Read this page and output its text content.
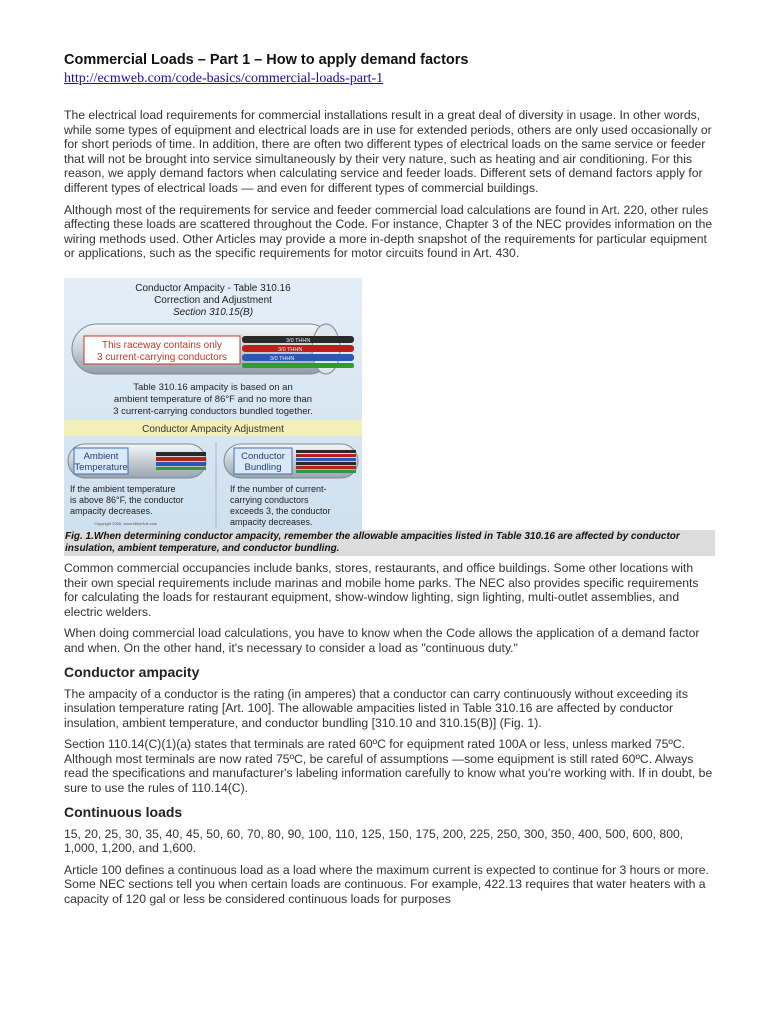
Commercial Loads – Part 1 – How to apply demand factors
http://ecmweb.com/code-basics/commercial-loads-part-1

The electrical load requirements for commercial installations result in a great deal of diversity in usage. In other words, while some types of equipment and electrical loads are in use for extended periods, others are only used occasionally or for short periods of time. In addition, there are often two different types of electrical loads on the same service or feeder that will not be brought into service simultaneously by their very nature, such as heating and air conditioning. For this reason, we apply demand factors when calculating service and feeder loads. Different sets of demand factors apply for different types of electrical loads — and even for different types of commercial buildings.

Although most of the requirements for service and feeder commercial load calculations are found in Art. 220, other rules affecting these loads are scattered throughout the Code. For instance, Chapter 3 of the NEC provides information on the wiring methods used. Other Articles may provide a more in-depth snapshot of the requirements for particular equipment or applications, such as the specific requirements for motor circuits found in Art. 430.

Conductor Ampacity - Table 310.16
Correction and Adjustment
Section 310.15(B)
3/0 THHN
3/0 THHN
3/0 THHN
This raceway contains only
3 current-carrying conductors
Table 310.16 ampacity is based on an
ambient temperature of 86°F and no more than
3 current-carrying conductors bundled together.
Conductor Ampacity Adjustment
Ambient
Temperature
Conductor
Bundling
If the ambient temperature
is above 86°F, the conductor
ampacity decreases.
If the number of current-
carrying conductors
exceeds 3, the conductor
ampacity decreases.
Copyright 2006, www.MikeHolt.com
Fig. 1.When determining conductor ampacity, remember the allowable ampacities listed in Table 310.16 are affected by conductor insulation, ambient temperature, and conductor bundling.

Common commercial occupancies include banks, stores, restaurants, and office buildings. Some other locations with their own special requirements include marinas and mobile home parks. The NEC also provides specific requirements for calculating the loads for restaurant equipment, show-window lighting, sign lighting, multi-outlet assemblies, and electric welders.

When doing commercial load calculations, you have to know when the Code allows the application of a demand factor and when. On the other hand, it's necessary to consider a load as "continuous duty."

Conductor ampacity

The ampacity of a conductor is the rating (in amperes) that a conductor can carry continuously without exceeding its insulation temperature rating [Art. 100]. The allowable ampacities listed in Table 310.16 are affected by conductor insulation, ambient temperature, and conductor bundling [310.10 and 310.15(B)] (Fig. 1).

Section 110.14(C)(1)(a) states that terminals are rated 60ºC for equipment rated 100A or less, unless marked 75ºC. Although most terminals are now rated 75ºC, be careful of assumptions —some equipment is still rated 60ºC. Always read the specifications and manufacturer's labeling information carefully to know what you're working with. If in doubt, be sure to use the rules of 110.14(C).

Continuous loads

15, 20, 25, 30, 35, 40, 45, 50, 60, 70, 80, 90, 100, 110, 125, 150, 175, 200, 225, 250, 300, 350, 400, 500, 600, 800, 1,000, 1,200, and 1,600.

Article 100 defines a continuous load as a load where the maximum current is expected to continue for 3 hours or more. Some NEC sections tell you when certain loads are continuous. For example, 422.13 requires that water heaters with a capacity of 120 gal or less be considered continuous loads for purposes
